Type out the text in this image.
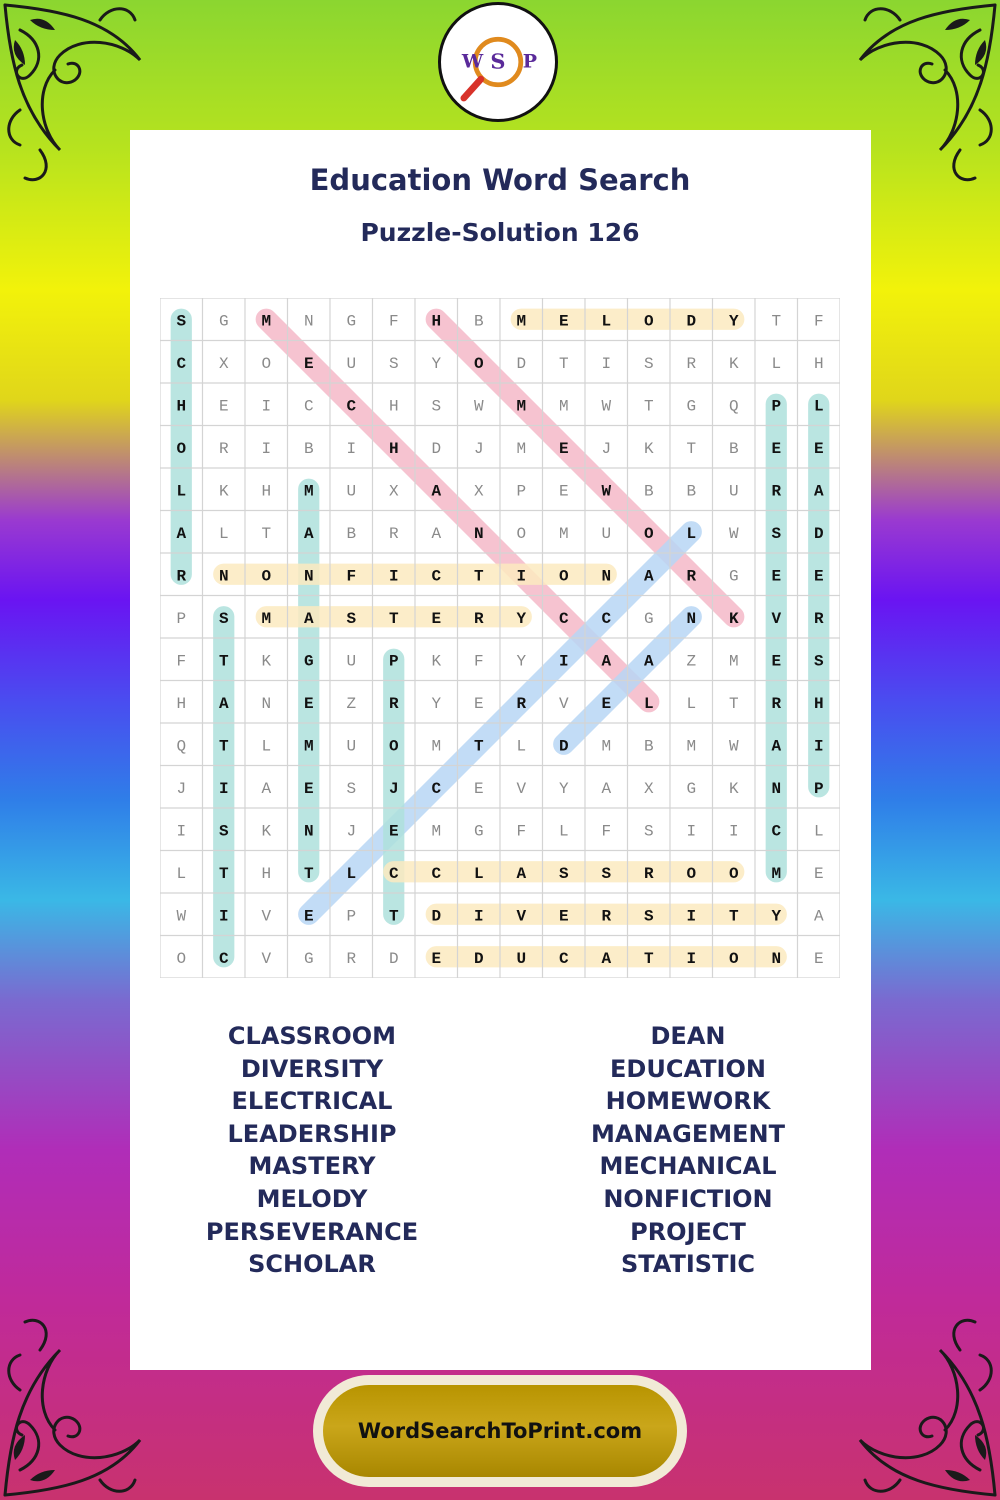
W S P
Education Word Search
Puzzle-Solution 126
S G M N G F H B M E L O D Y T F
C X O E U S Y O D T I S R K L H
H E I C C H S W M M W T G Q P L
O R I B I H D J M E J K T B E E
L K H M U X A X P E W B B U R A
A L T A B R A N O M U O L W S D
R N O N F I C T I O N A R G E E
P S M A S T E R Y C C G N K V R
F T K G U P K F Y I A A Z M E S
H A N E Z R Y E R V E L L T R H
Q T L M U O M T L D M B M W A I
J I A E S J C E V Y A X G K N P
I S K N J E M G F L F S I I C L
L T H T L C C L A S S R O O M E
W I V E P T D I V E R S I T Y A
O C V G R D E D U C A T I O N E
CLASSROOM
DIVERSITY
ELECTRICAL
LEADERSHIP
MASTERY
MELODY
PERSEVERANCE
SCHOLAR
DEAN
EDUCATION
HOMEWORK
MANAGEMENT
MECHANICAL
NONFICTION
PROJECT
STATISTIC
WordSearchToPrint.com
